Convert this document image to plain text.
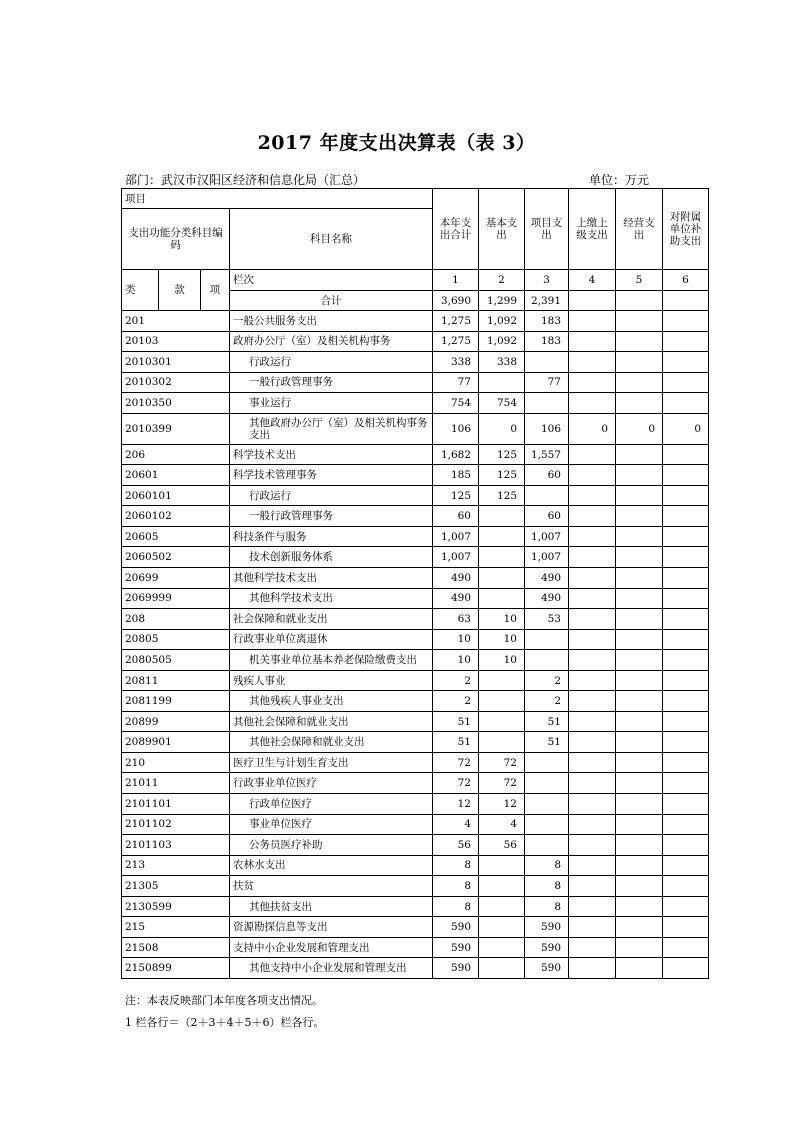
2017 年度支出决算表（表 3）
部门：武汉市汉阳区经济和信息化局（汇总）	单位：万元
项目				本年支出合计	基本支出	项目支出	上缴上级支出	经营支出	对附属单位补助支出
支出功能分类科目编码			科目名称						
类	款	项	栏次	1	2	3	4	5	6
			合计	3,690	1,299	2,391			
201			一般公共服务支出	1,275	1,092	183			
20103			政府办公厅（室）及相关机构事务	1,275	1,092	183			
2010301			行政运行	338	338				
2010302			一般行政管理事务	77		77			
2010350			事业运行	754	754				
2010399			其他政府办公厅（室）及相关机构事务支出	106	0	106	0	0	0
206			科学技术支出	1,682	125	1,557			
20601			科学技术管理事务	185	125	60			
2060101			行政运行	125	125				
2060102			一般行政管理事务	60		60			
20605			科技条件与服务	1,007		1,007			
2060502			技术创新服务体系	1,007		1,007			
20699			其他科学技术支出	490		490			
2069999			其他科学技术支出	490		490			
208			社会保障和就业支出	63	10	53			
20805			行政事业单位离退休	10	10				
2080505			机关事业单位基本养老保险缴费支出	10	10				
20811			残疾人事业	2		2			
2081199			其他残疾人事业支出	2		2			
20899			其他社会保障和就业支出	51		51			
2089901			其他社会保障和就业支出	51		51			
210			医疗卫生与计划生育支出	72	72				
21011			行政事业单位医疗	72	72				
2101101			行政单位医疗	12	12				
2101102			事业单位医疗	4	4				
2101103			公务员医疗补助	56	56				
213			农林水支出	8		8			
21305			扶贫	8		8			
2130599			其他扶贫支出	8		8			
215			资源勘探信息等支出	590		590			
21508			支持中小企业发展和管理支出	590		590			
2150899			其他支持中小企业发展和管理支出	590		590			
注：本表反映部门本年度各项支出情况。
1 栏各行＝（2＋3＋4＋5＋6）栏各行。
